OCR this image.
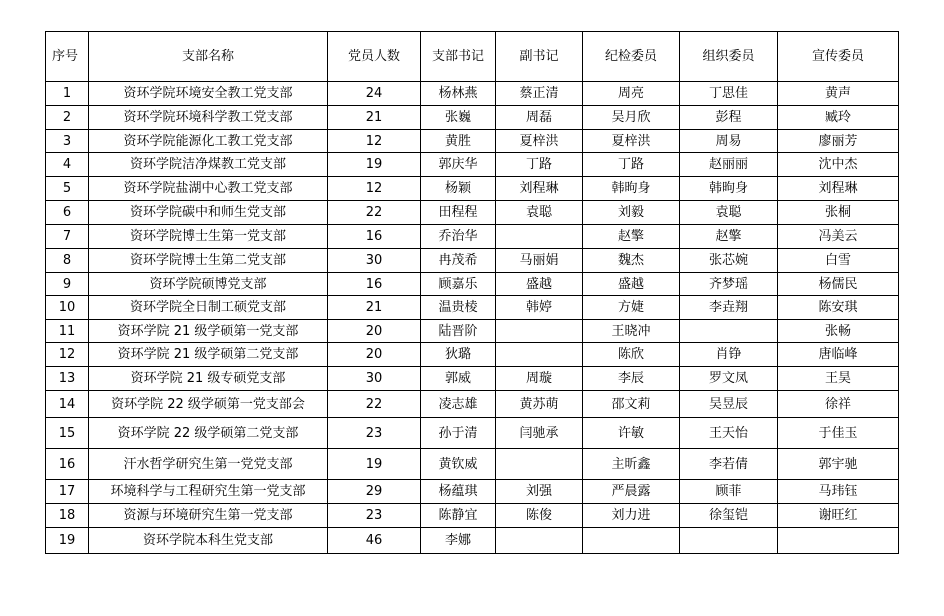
序号	支部名称	党员人数	支部书记	副书记	纪检委员	组织委员	宣传委员
1	资环学院环境安全教工党支部	24	杨林燕	蔡正清	周亮	丁思佳	黄声
2	资环学院环境科学教工党支部	21	张巍	周磊	吴月欣	彭程	臧玲
3	资环学院能源化工教工党支部	12	黄胜	夏梓洪	夏梓洪	周易	廖丽芳
4	资环学院洁净煤教工党支部	19	郭庆华	丁路	丁路	赵丽丽	沈中杰
5	资环学院盐湖中心教工党支部	12	杨颖	刘程琳	韩昫身	韩昫身	刘程琳
6	资环学院碳中和师生党支部	22	田程程	袁聪	刘毅	袁聪	张桐
7	资环学院博士生第一党支部	16	乔治华		赵擎	赵擎	冯美云
8	资环学院博士生第二党支部	30	冉茂希	马丽娟	魏杰	张芯婉	白雪
9	资环学院硕博党支部	16	顾嘉乐	盛越	盛越	齐梦瑶	杨儒民
10	资环学院全日制工硕党支部	21	温贵棱	韩婷	方婕	李垚翔	陈安琪
11	资环学院 21 级学硕第一党支部	20	陆晋阶		王晓冲		张畅
12	资环学院 21 级学硕第二党支部	20	狄璐		陈欣	肖铮	唐临峰
13	资环学院 21 级专硕党支部	30	郭威	周璇	李辰	罗文凤	王昊
14	资环学院 22 级学硕第一党支部会	22	凌志雄	黄苏萌	邵文莉	吴昱辰	徐祥
15	资环学院 22 级学硕第二党支部	23	孙于清	闫驰承	许敏	王天怡	于佳玉
16	汗水哲学研究生第一党党支部	19	黄钦威		主昕鑫	李若倩	郭宇驰
17	环境科学与工程研究生第一党支部	29	杨蕴琪	刘强	严晨露	顾菲	马玮钰
18	资源与环境研究生第一党支部	23	陈静宜	陈俊	刘力进	徐玺铠	谢旺红
19	资环学院本科生党支部	46	李娜				
